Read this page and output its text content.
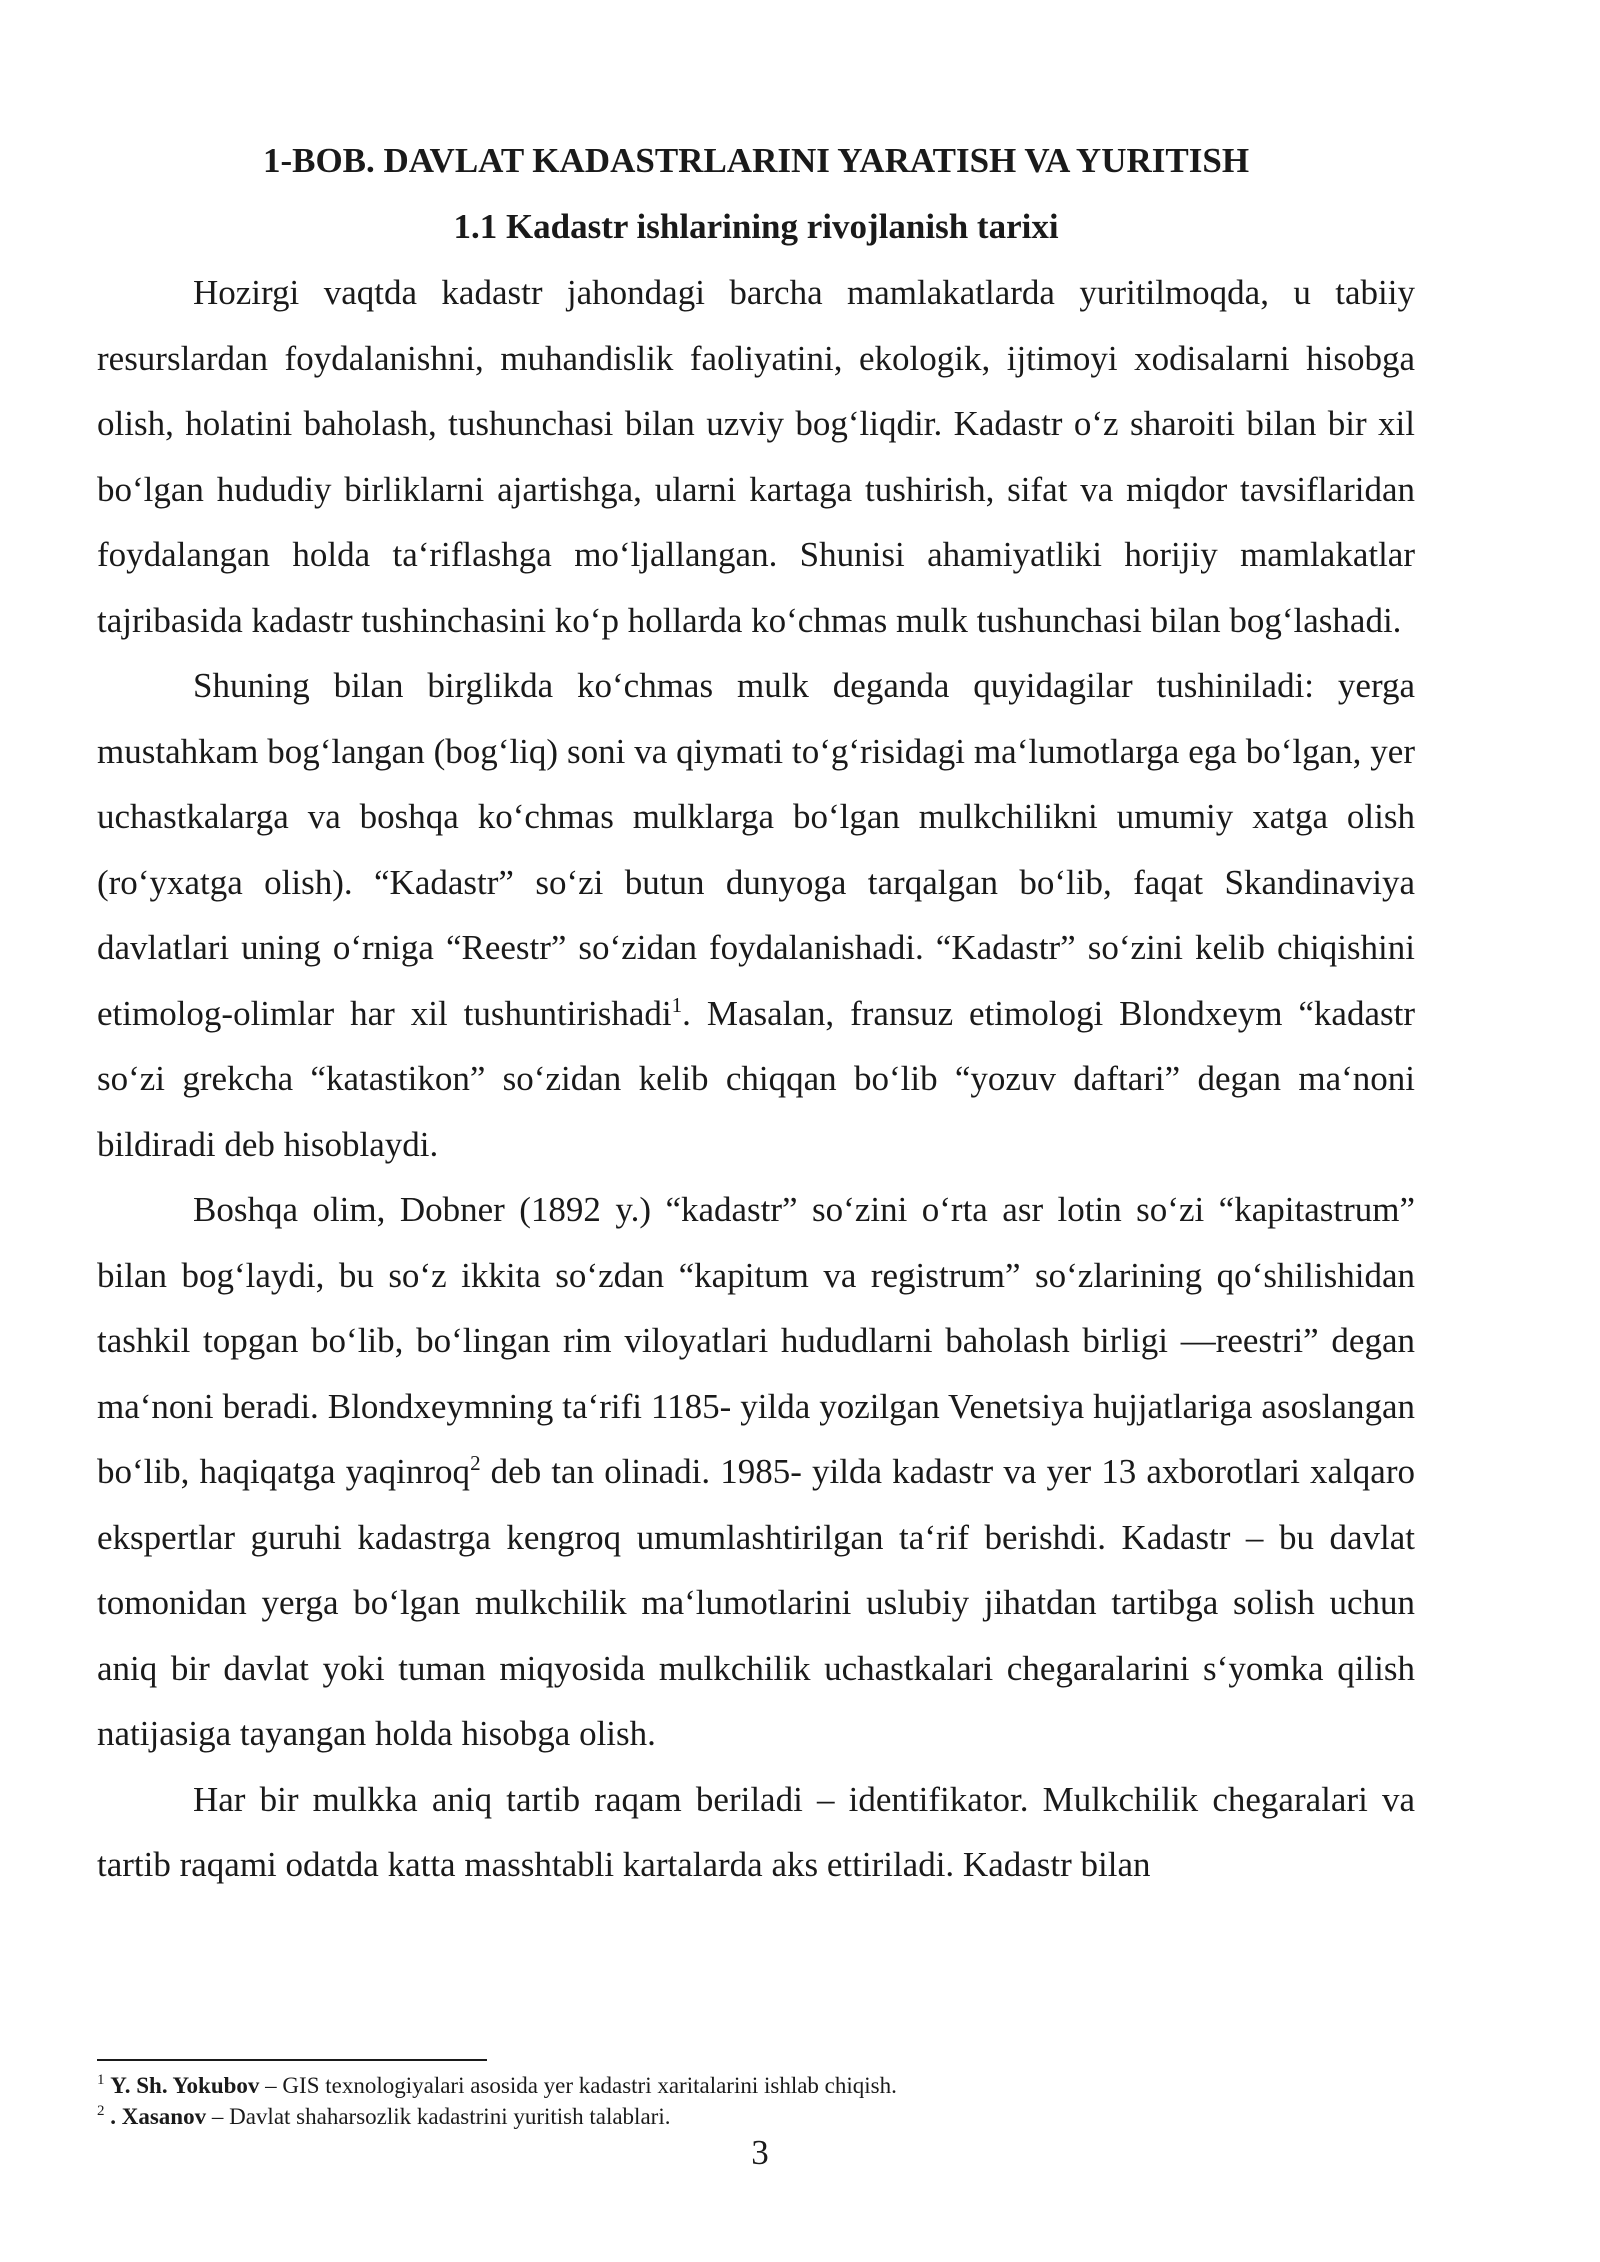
1-BOB. DAVLAT KADASTRLARINI YARATISH VA YURITISH
1.1 Kadastr ishlarining rivojlanish tarixi

Hozirgi vaqtda kadastr jahondagi barcha mamlakatlarda yuritilmoqda, u tabiiy resurslardan foydalanishni, muhandislik faoliyatini, ekologik, ijtimoyi xodisalarni hisobga olish, holatini baholash, tushunchasi bilan uzviy bog‘liqdir. Kadastr o‘z sharoiti bilan bir xil bo‘lgan hududiy birliklarni ajartishga, ularni kartaga tushirish, sifat va miqdor tavsiflaridan foydalangan holda ta‘riflashga mo‘ljallangan. Shunisi ahamiyatliki horijiy mamlakatlar tajribasida kadastr tushinchasini ko‘p hollarda ko‘chmas mulk tushunchasi bilan bog‘lashadi.

Shuning bilan birglikda ko‘chmas mulk deganda quyidagilar tushiniladi: yerga mustahkam bog‘langan (bog‘liq) soni va qiymati to‘g‘risidagi ma‘lumotlarga ega bo‘lgan, yer uchastkalarga va boshqa ko‘chmas mulklarga bo‘lgan mulkchilikni umumiy xatga olish (ro‘yxatga olish). “Kadastr” so‘zi butun dunyoga tarqalgan bo‘lib, faqat Skandinaviya davlatlari uning o‘rniga “Reestr” so‘zidan foydalanishadi. “Kadastr” so‘zini kelib chiqishini etimolog-olimlar har xil tushuntirishadi$^1$. Masalan, fransuz etimologi Blondxeym “kadastr so‘zi grekcha “katastikon” so‘zidan kelib chiqqan bo‘lib “yozuv daftari” degan ma‘noni bildiradi deb hisoblaydi.

Boshqa olim, Dobner (1892 y.) “kadastr” so‘zini o‘rta asr lotin so‘zi “kapitastrum” bilan bog‘laydi, bu so‘z ikkita so‘zdan “kapitum va registrum” so‘zlarining qo‘shilishidan tashkil topgan bo‘lib, bo‘lingan rim viloyatlari hududlarni baholash birligi ―reestri” degan ma‘noni beradi. Blondxeymning ta‘rifi 1185- yilda yozilgan Venetsiya hujjatlariga asoslangan bo‘lib, haqiqatga yaqinroq$^2$ deb tan olinadi. 1985- yilda kadastr va yer 13 axborotlari xalqaro ekspertlar guruhi kadastrga kengroq umumlashtirilgan ta‘rif berishdi. Kadastr – bu davlat tomonidan yerga bo‘lgan mulkchilik ma‘lumotlarini uslubiy jihatdan tartibga solish uchun aniq bir davlat yoki tuman miqyosida mulkchilik uchastkalari chegaralarini s‘yomka qilish natijasiga tayangan holda hisobga olish.

Har bir mulkka aniq tartib raqam beriladi – identifikator. Mulkchilik chegaralari va tartib raqami odatda katta masshtabli kartalarda aks ettiriladi. Kadastr bilan

$^1$ Y. Sh. Yokubov – GIS texnologiyalari asosida yer kadastri xaritalarini ishlab chiqish.

$^2$ . Xasanov – Davlat shaharsozlik kadastrini yuritish talablari.

3
